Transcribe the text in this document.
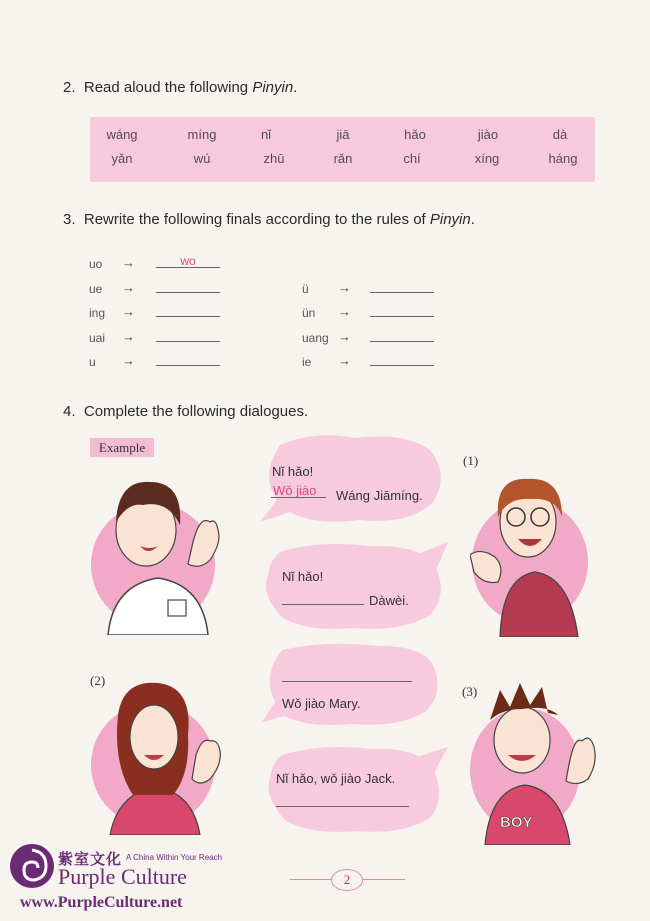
2. Read aloud the following Pinyin.
wáng	míng	nǐ	jiā	hǎo	jiào	dà
yǎn	wú	zhū	rǎn	chí	xíng	háng
3. Rewrite the following finals according to the rules of Pinyin.
uo →	wo
ue →
ing →
uai →
u →
ü →
ün →
uang →
ie →
4. Complete the following dialogues.
Example
(1)
(2)
(3)
Nǐ hǎo!
Wǒ jiào Wáng Jiāmíng.
Nǐ hǎo!
Dàwèi.
Wǒ jiào Mary.
Nǐ hǎo, wǒ jiào Jack.
BOY
2
紫室文化 A China Within Your Reach
Purple Culture
www.PurpleCulture.net
